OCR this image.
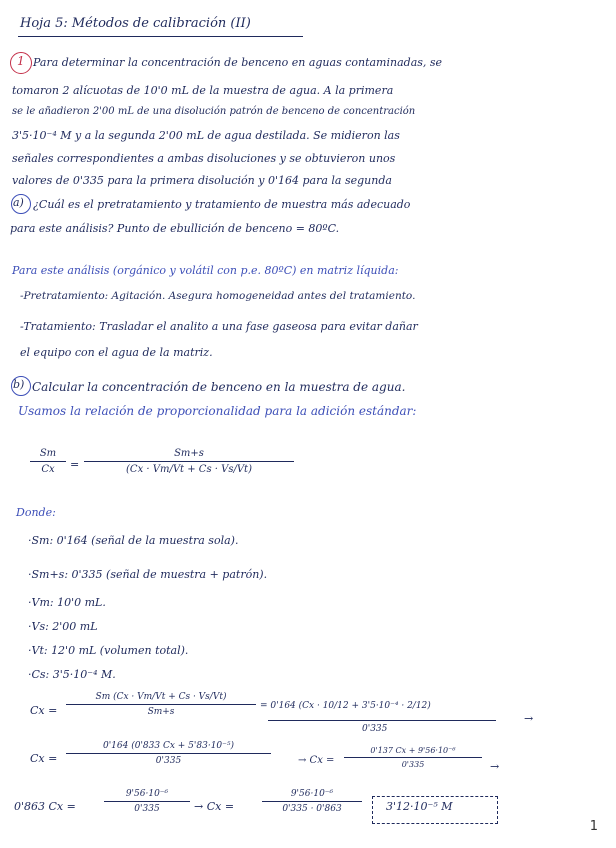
Hoja 5: Métodos de calibración (II)
1 Para determinar la concentración de benceno en aguas contaminadas, se
tomaron 2 alícuotas de 10'0 mL de la muestra de agua. A la primera
se le añadieron 2'00 mL de una disolución patrón de benceno de concentración
3'5·10⁻⁴ M y a la segunda 2'00 mL de agua destilada. Se midieron las
señales correspondientes a ambas disoluciones y se obtuvieron unos
valores de 0'335 para la primera disolución y 0'164 para la segunda
a) ¿Cuál es el pretratamiento y tratamiento de muestra más adecuado
para este análisis? Punto de ebullición de benceno = 80ºC.
Para este análisis (orgánico y volátil con p.e. 80ºC) en matriz líquida:
-Pretratamiento: Agitación. Asegura homogeneidad antes del tratamiento.
-Tratamiento: Trasladar el analito a una fase gaseosa para evitar dañar
el equipo con el agua de la matriz.
b) Calcular la concentración de benceno en la muestra de agua.
Usamos la relación de proporcionalidad para la adición estándar:
Sm
Cx =
Sm+s
(Cx · Vm/Vt + Cs · Vs/Vt)
Donde:
·Sm: 0'164 (señal de la muestra sola).
·Sm+s: 0'335 (señal de muestra + patrón).
·Vm: 10'0 mL.
·Vs: 2'00 mL
·Vt: 12'0 mL (volumen total).
·Cs: 3'5·10⁻⁴ M.
Cx =
Sm (Cx · Vm/Vt + Cs · Vs/Vt)
Sm+s
= 0'164 (Cx · 10/12 + 3'5·10⁻⁴ · 2/12)
0'335
→
Cx =
0'164 (0'833 Cx + 5'83·10⁻⁵)
0'335	→ Cx =
0'137 Cx + 9'56·10⁻⁶
0'335	→
0'863 Cx =
9'56·10⁻⁶
0'335	→ Cx =
9'56·10⁻⁶
0'335 · 0'863	3'12·10⁻⁵ M
1
